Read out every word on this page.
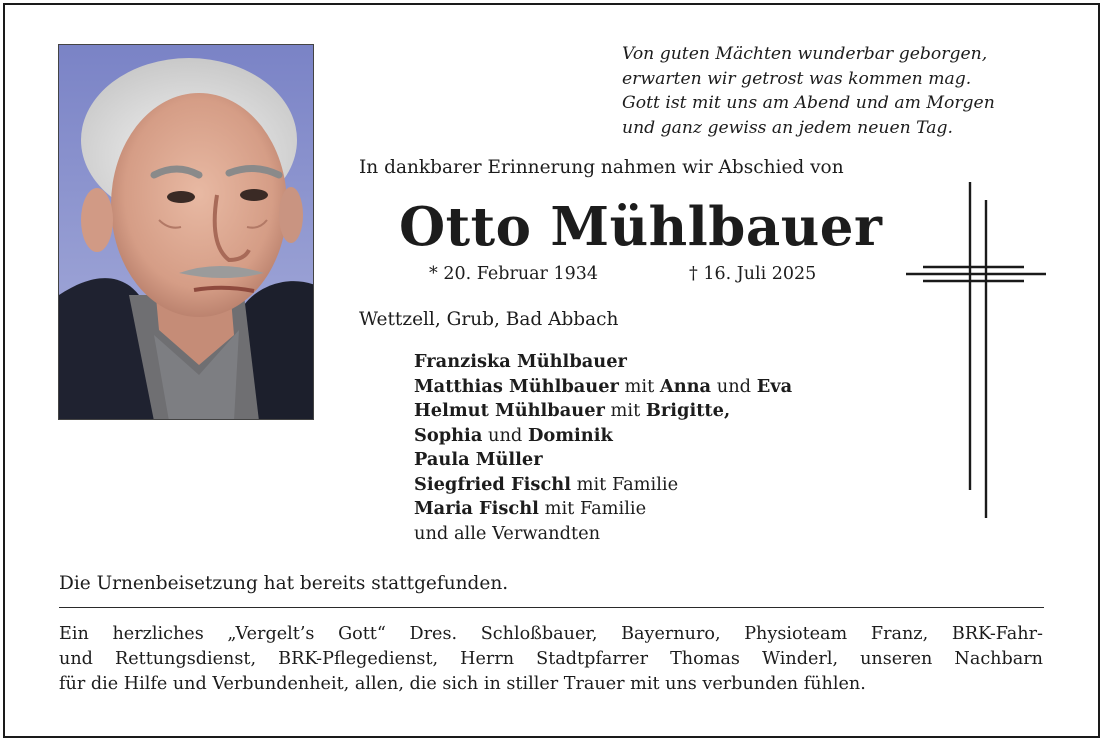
Von guten Mächten wunderbar geborgen,
erwarten wir getrost was kommen mag.
Gott ist mit uns am Abend und am Morgen
und ganz gewiss an jedem neuen Tag.
In dankbarer Erinnerung nahmen wir Abschied von
Otto Mühlbauer
* 20. Februar 1934	† 16. Juli 2025
Wettzell, Grub, Bad Abbach
Franziska Mühlbauer
Matthias Mühlbauer mit Anna und Eva
Helmut Mühlbauer mit Brigitte,
Sophia und Dominik
Paula Müller
Siegfried Fischl mit Familie
Maria Fischl mit Familie
und alle Verwandten
Die Urnenbeisetzung hat bereits stattgefunden.
Ein herzliches „Vergelt’s Gott“ Dres. Schloßbauer, Bayernuro, Physioteam Franz, BRK-Fahr-
und Rettungsdienst, BRK-Pflegedienst, Herrn Stadtpfarrer Thomas Winderl, unseren Nachbarn
für die Hilfe und Verbundenheit, allen, die sich in stiller Trauer mit uns verbunden fühlen.
